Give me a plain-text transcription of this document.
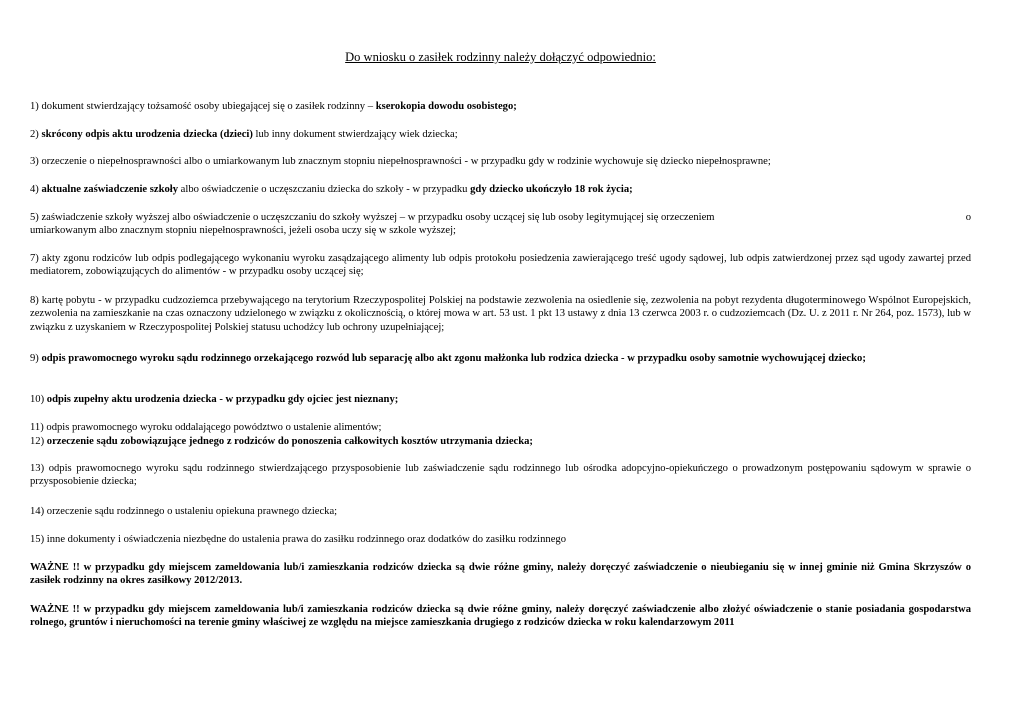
Do wniosku o zasiłek rodzinny należy dołączyć odpowiednio:
1) dokument stwierdzający tożsamość osoby ubiegającej się o zasiłek rodzinny – kserokopia dowodu osobistego;
2) skrócony odpis aktu urodzenia dziecka (dzieci) lub inny dokument stwierdzający wiek dziecka;
3) orzeczenie o niepełnosprawności albo o umiarkowanym lub znacznym stopniu niepełnosprawności - w przypadku gdy w rodzinie wychowuje się dziecko niepełnosprawne;
4) aktualne zaświadczenie szkoły albo oświadczenie o uczęszczaniu dziecka do szkoły - w przypadku gdy dziecko ukończyło 18 rok życia;
5) zaświadczenie szkoły wyższej albo oświadczenie o uczęszczaniu do szkoły wyższej – w przypadku osoby uczącej się lub osoby legitymującej się orzeczeniem	o
umiarkowanym albo znacznym stopniu niepełnosprawności, jeżeli osoba uczy się w szkole wyższej;
7) akty zgonu rodziców lub odpis podlegającego wykonaniu wyroku zasądzającego alimenty lub odpis protokołu posiedzenia zawierającego treść ugody sądowej, lub odpis zatwierdzonej przez sąd ugody zawartej przed mediatorem, zobowiązujących do alimentów - w przypadku osoby uczącej się;
8) kartę pobytu - w przypadku cudzoziemca przebywającego na terytorium Rzeczypospolitej Polskiej na podstawie zezwolenia na osiedlenie się, zezwolenia na pobyt rezydenta długoterminowego Wspólnot Europejskich, zezwolenia na zamieszkanie na czas oznaczony udzielonego w związku z okolicznością, o której mowa w art. 53 ust. 1 pkt 13 ustawy z dnia 13 czerwca 2003 r. o cudzoziemcach (Dz. U. z 2011 r. Nr 264, poz. 1573), lub w związku z uzyskaniem w Rzeczypospolitej Polskiej statusu uchodźcy lub ochrony uzupełniającej;
9) odpis prawomocnego wyroku sądu rodzinnego orzekającego rozwód lub separację albo akt zgonu małżonka lub rodzica dziecka - w przypadku osoby samotnie wychowującej dziecko;
10) odpis zupełny aktu urodzenia dziecka - w przypadku gdy ojciec jest nieznany;
11) odpis prawomocnego wyroku oddalającego powództwo o ustalenie alimentów;
12) orzeczenie sądu zobowiązujące jednego z rodziców do ponoszenia całkowitych kosztów utrzymania dziecka;
13) odpis prawomocnego wyroku sądu rodzinnego stwierdzającego przysposobienie lub zaświadczenie sądu rodzinnego lub ośrodka adopcyjno-opiekuńczego o prowadzonym postępowaniu sądowym w sprawie o przysposobienie dziecka;
14) orzeczenie sądu rodzinnego o ustaleniu opiekuna prawnego dziecka;
15) inne dokumenty i oświadczenia niezbędne do ustalenia prawa do zasiłku rodzinnego oraz dodatków do zasiłku rodzinnego
WAŻNE !! w przypadku gdy miejscem zameldowania lub/i zamieszkania rodziców dziecka są dwie różne gminy, należy doręczyć zaświadczenie o nieubieganiu się w innej gminie niż Gmina Skrzyszów o zasiłek rodzinny na okres zasiłkowy 2012/2013.
WAŻNE !! w przypadku gdy miejscem zameldowania lub/i zamieszkania rodziców dziecka są dwie różne gminy, należy doręczyć zaświadczenie albo złożyć oświadczenie o stanie posiadania gospodarstwa rolnego, gruntów i nieruchomości na terenie gminy właściwej ze względu na miejsce zamieszkania drugiego z rodziców dziecka w roku kalendarzowym 2011
